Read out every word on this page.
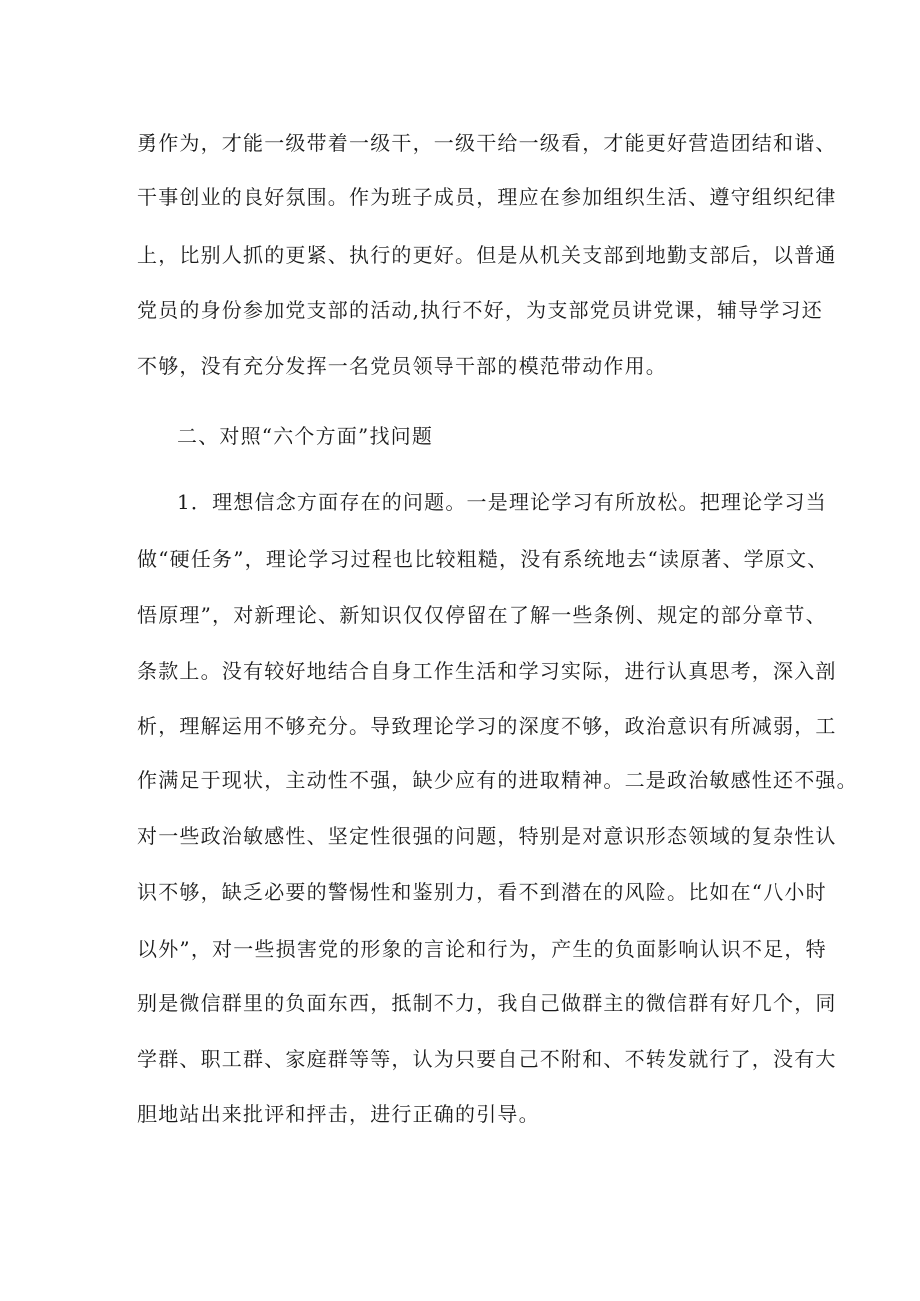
勇作为，才能一级带着一级干，一级干给一级看，才能更好营造团结和谐、
干事创业的良好氛围。作为班子成员，理应在参加组织生活、遵守组织纪律
上，比别人抓的更紧、执行的更好。但是从机关支部到地勤支部后，以普通
党员的身份参加党支部的活动,执行不好，为支部党员讲党课，辅导学习还
不够，没有充分发挥一名党员领导干部的模范带动作用。
二、对照“六个方面”找问题
1．理想信念方面存在的问题。一是理论学习有所放松。把理论学习当
做“硬任务”，理论学习过程也比较粗糙，没有系统地去“读原著、学原文、
悟原理”，对新理论、新知识仅仅停留在了解一些条例、规定的部分章节、
条款上。没有较好地结合自身工作生活和学习实际，进行认真思考，深入剖
析，理解运用不够充分。导致理论学习的深度不够，政治意识有所减弱，工
作满足于现状，主动性不强，缺少应有的进取精神。二是政治敏感性还不强。
对一些政治敏感性、坚定性很强的问题，特别是对意识形态领域的复杂性认
识不够，缺乏必要的警惕性和鉴别力，看不到潜在的风险。比如在“八小时
以外”，对一些损害党的形象的言论和行为，产生的负面影响认识不足，特
别是微信群里的负面东西，抵制不力，我自己做群主的微信群有好几个，同
学群、职工群、家庭群等等，认为只要自己不附和、不转发就行了，没有大
胆地站出来批评和抨击，进行正确的引导。
